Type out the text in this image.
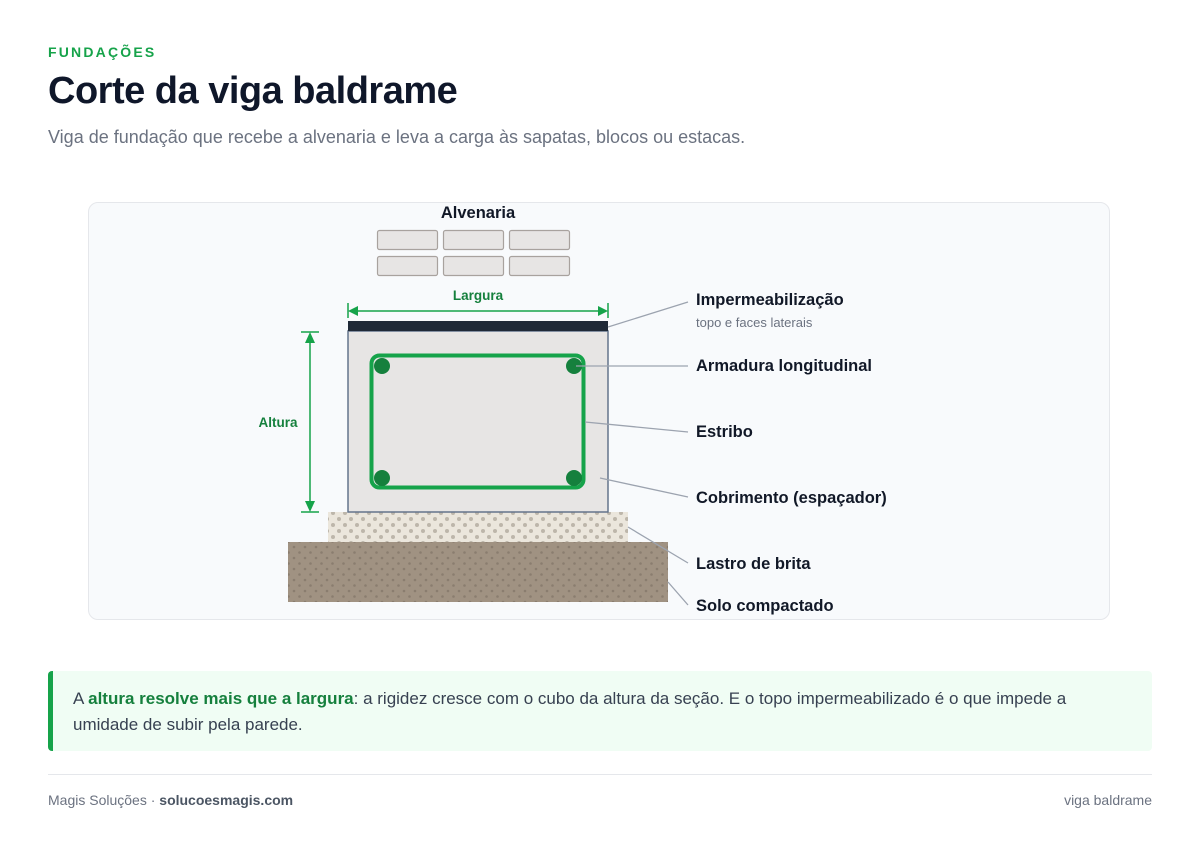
FUNDAÇÕES
Corte da viga baldrame
Viga de fundação que recebe a alvenaria e leva a carga às sapatas, blocos ou estacas.
Alvenaria
Largura
Altura
Impermeabilização
topo e faces laterais
Armadura longitudinal
Estribo
Cobrimento (espaçador)
Lastro de brita
Solo compactado
A altura resolve mais que a largura: a rigidez cresce com o cubo da altura da seção. E o topo impermeabilizado é o que impede a umidade de subir pela parede.
Magis Soluções · solucoesmagis.com	viga baldrame
